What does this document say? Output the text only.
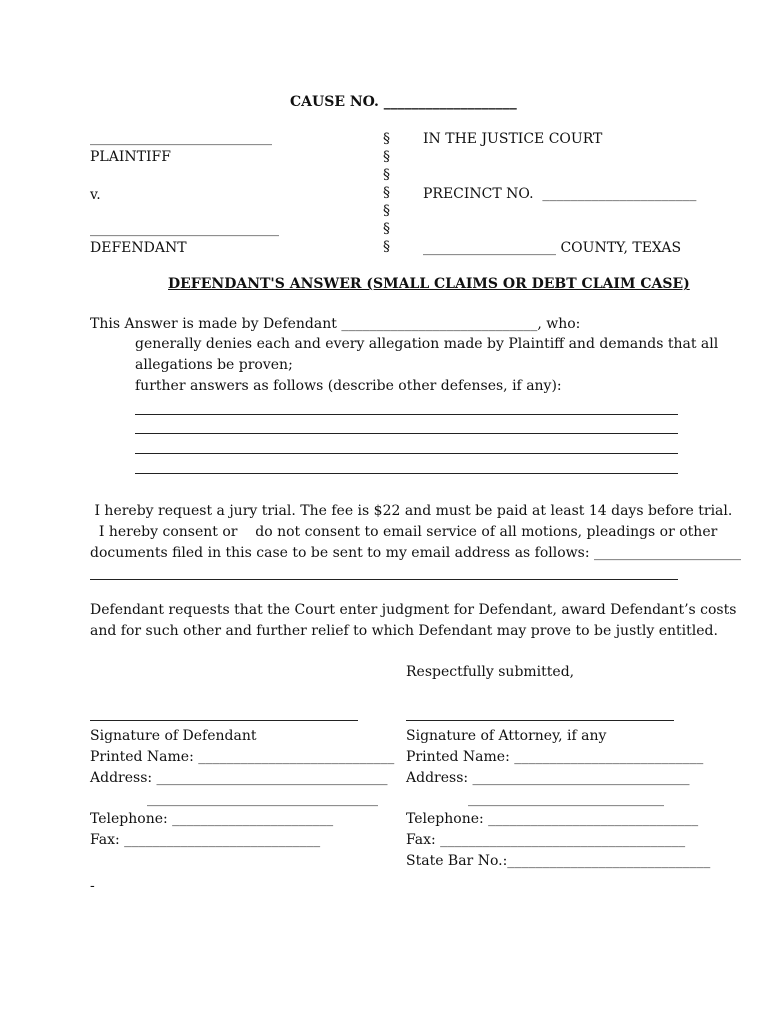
CAUSE NO. ___________________
__________________________
PLAINTIFF
v.
___________________________
DEFENDANT
§
§
§
§
§
§
§
IN THE JUSTICE COURT
PRECINCT NO.  ______________________
___________________ COUNTY, TEXAS
DEFENDANT'S ANSWER (SMALL CLAIMS OR DEBT CLAIM CASE)
This Answer is made by Defendant ____________________________, who:
generally denies each and every allegation made by Plaintiff and demands that all
allegations be proven;
further answers as follows (describe other defenses, if any):
I hereby request a jury trial. The fee is $22 and must be paid at least 14 days before trial.
I hereby consent or    do not consent to email service of all motions, pleadings or other
documents filed in this case to be sent to my email address as follows: _____________________
Defendant requests that the Court enter judgment for Defendant, award Defendant’s costs
and for such other and further relief to which Defendant may prove to be justly entitled.
Respectfully submitted,
Signature of Defendant
Printed Name: ____________________________
Address: _________________________________
_________________________________
Telephone: _______________________
Fax: ____________________________
Signature of Attorney, if any
Printed Name: ___________________________
Address: _______________________________
____________________________
Telephone: ______________________________
Fax: ___________________________________
State Bar No.:_____________________________
-
